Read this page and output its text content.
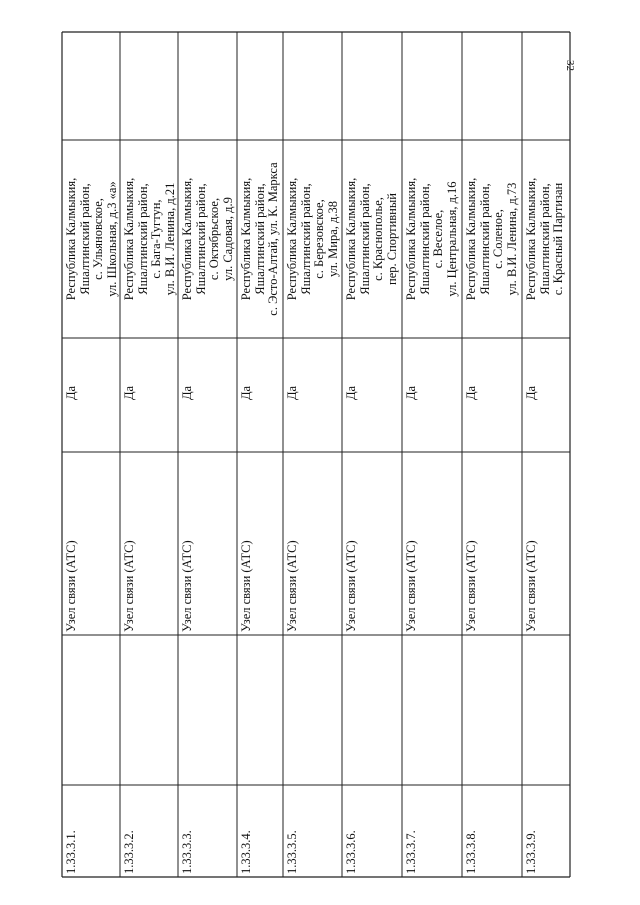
32
1.33.3.1.
Узел связи (АТС)
Да
Республика Калмыкия, Яшалтинский район, с. Ульяновское, ул. Школьная, д.3 «а»
1.33.3.2.
Узел связи (АТС)
Да
Республика Калмыкия, Яшалтинский район, с. Бага-Тугтун, ул. В.И. Ленина, д.21
1.33.3.3.
Узел связи (АТС)
Да
Республика Калмыкия, Яшалтинский район, с. Октябрьское, ул. Садовая, д.9
1.33.3.4.
Узел связи (АТС)
Да
Республика Калмыкия, Яшалтинский район, с. Эсто-Алтай, ул. К. Маркса
1.33.3.5.
Узел связи (АТС)
Да
Республика Калмыкия, Яшалтинский район, с. Березовское, ул. Мира, д.38
1.33.3.6.
Узел связи (АТС)
Да
Республика Калмыкия, Яшалтинский район, с. Краснополье, пер. Спортивный
1.33.3.7.
Узел связи (АТС)
Да
Республика Калмыкия, Яшалтинский район, с. Веселое, ул. Центральная, д.16
1.33.3.8.
Узел связи (АТС)
Да
Республика Калмыкия, Яшалтинский район, с. Соленое, ул. В.И. Ленина, д.73
1.33.3.9.
Узел связи (АТС)
Да
Республика Калмыкия, Яшалтинский район, с. Красный Партизан
